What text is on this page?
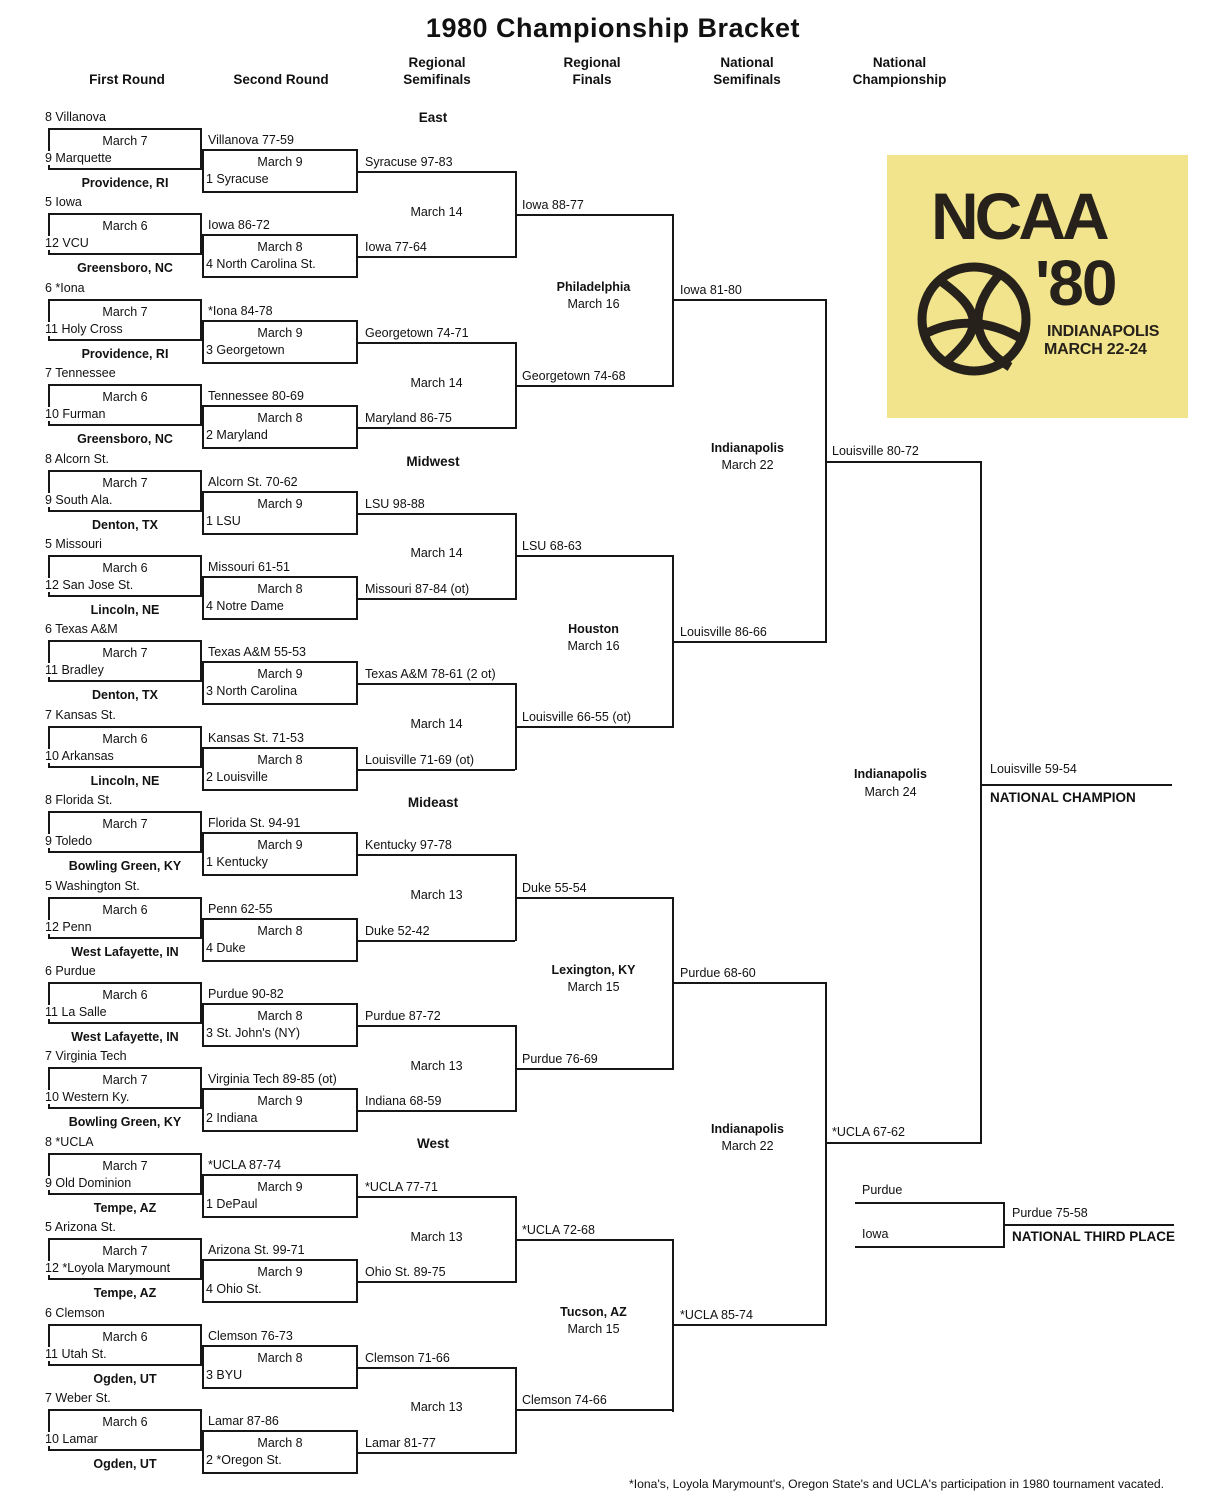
1980 Championship Bracket
First Round	Second Round
Regional
Semifinals
Regional
Finals
National
Semifinals
National
Championship
East
Midwest
Mideast
West
NCAA
'80
INDIANAPOLIS
MARCH 22-24
Indianapolis
March 22
Louisville 80-72
Indianapolis
March 22
*UCLA 67-62
Indianapolis
March 24
Louisville 59-54
NATIONAL CHAMPION
Purdue
Iowa
Purdue 75-58
NATIONAL THIRD PLACE
*Iona's, Loyola Marymount's, Oregon State's and UCLA's participation in 1980 tournament vacated.
8 Villanova
March 7
9 Marquette
Providence, RI
5 Iowa
March 6
12 VCU
Greensboro, NC
6 *Iona
March 7
11 Holy Cross
Providence, RI
7 Tennessee
March 6
10 Furman
Greensboro, NC
Villanova 77-59
March 9
1 Syracuse
Iowa 86-72
March 8
4 North Carolina St.
*Iona 84-78
March 9
3 Georgetown
Tennessee 80-69
March 8
2 Maryland
Syracuse 97-83
Iowa 77-64
March 14
Georgetown 74-71
Maryland 86-75
March 14
Iowa 88-77
Georgetown 74-68
Philadelphia
March 16
Iowa 81-80
8 Alcorn St.
March 7
9 South Ala.
Denton, TX
5 Missouri
March 6
12 San Jose St.
Lincoln, NE
6 Texas A&M
March 7
11 Bradley
Denton, TX
7 Kansas St.
March 6
10 Arkansas
Lincoln, NE
Alcorn St. 70-62
March 9
1 LSU
Missouri 61-51
March 8
4 Notre Dame
Texas A&M 55-53
March 9
3 North Carolina
Kansas St. 71-53
March 8
2 Louisville
LSU 98-88
Missouri 87-84 (ot)
March 14
Texas A&M 78-61 (2 ot)
Louisville 71-69 (ot)
March 14
LSU 68-63
Louisville 66-55 (ot)
Houston
March 16
Louisville 86-66
8 Florida St.
March 7
9 Toledo
Bowling Green, KY
5 Washington St.
March 6
12 Penn
West Lafayette, IN
6 Purdue
March 6
11 La Salle
West Lafayette, IN
7 Virginia Tech
March 7
10 Western Ky.
Bowling Green, KY
Florida St. 94-91
March 9
1 Kentucky
Penn 62-55
March 8
4 Duke
Purdue 90-82
March 8
3 St. John's (NY)
Virginia Tech 89-85 (ot)
March 9
2 Indiana
Kentucky 97-78
Duke 52-42
March 13
Purdue 87-72
Indiana 68-59
March 13
Duke 55-54
Purdue 76-69
Lexington, KY
March 15
Purdue 68-60
8 *UCLA
March 7
9 Old Dominion
Tempe, AZ
5 Arizona St.
March 7
12 *Loyola Marymount
Tempe, AZ
6 Clemson
March 6
11 Utah St.
Ogden, UT
7 Weber St.
March 6
10 Lamar
Ogden, UT
*UCLA 87-74
March 9
1 DePaul
Arizona St. 99-71
March 9
4 Ohio St.
Clemson 76-73
March 8
3 BYU
Lamar 87-86
March 8
2 *Oregon St.
*UCLA 77-71
Ohio St. 89-75
March 13
Clemson 71-66
Lamar 81-77
March 13
*UCLA 72-68
Clemson 74-66
Tucson, AZ
March 15
*UCLA 85-74
